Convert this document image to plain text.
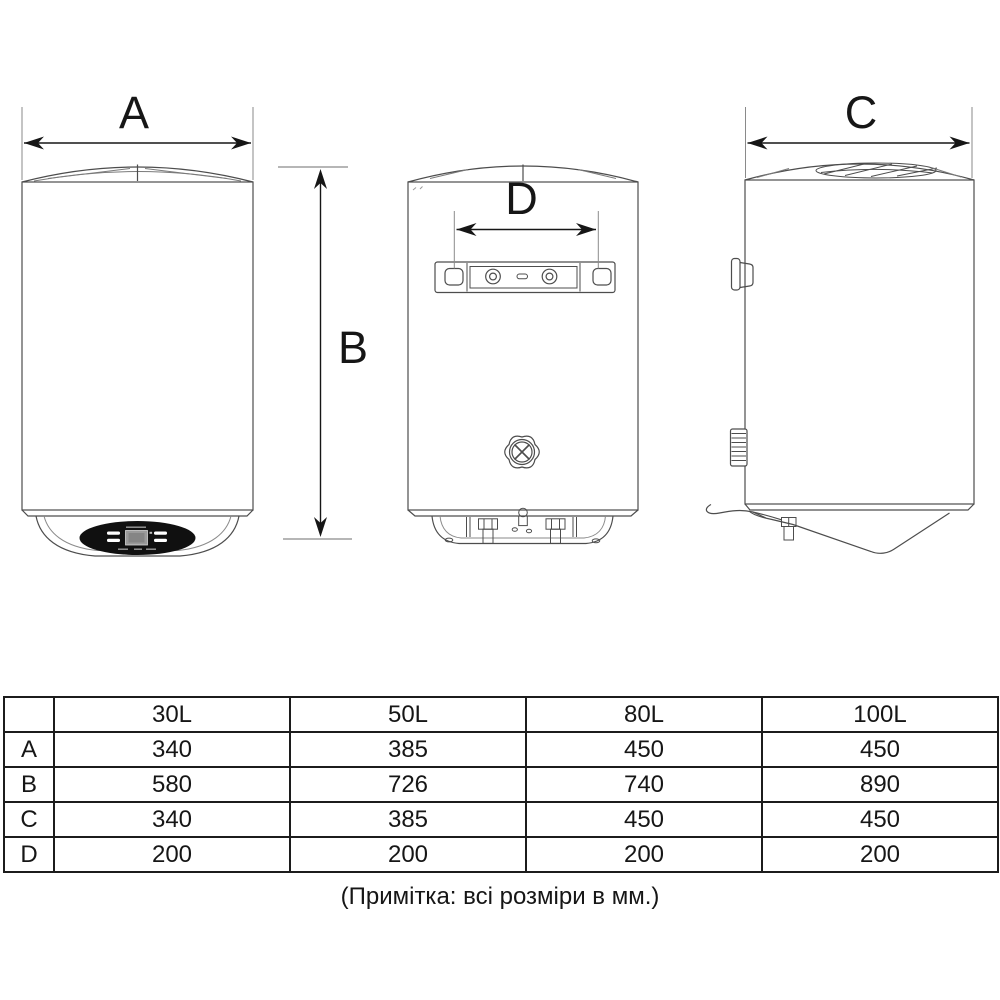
A
B
D
C
	30L	50L	80L	100L
A	340	385	450	450
B	580	726	740	890
C	340	385	450	450
D	200	200	200	200
(Примітка: всі розміри в мм.)
